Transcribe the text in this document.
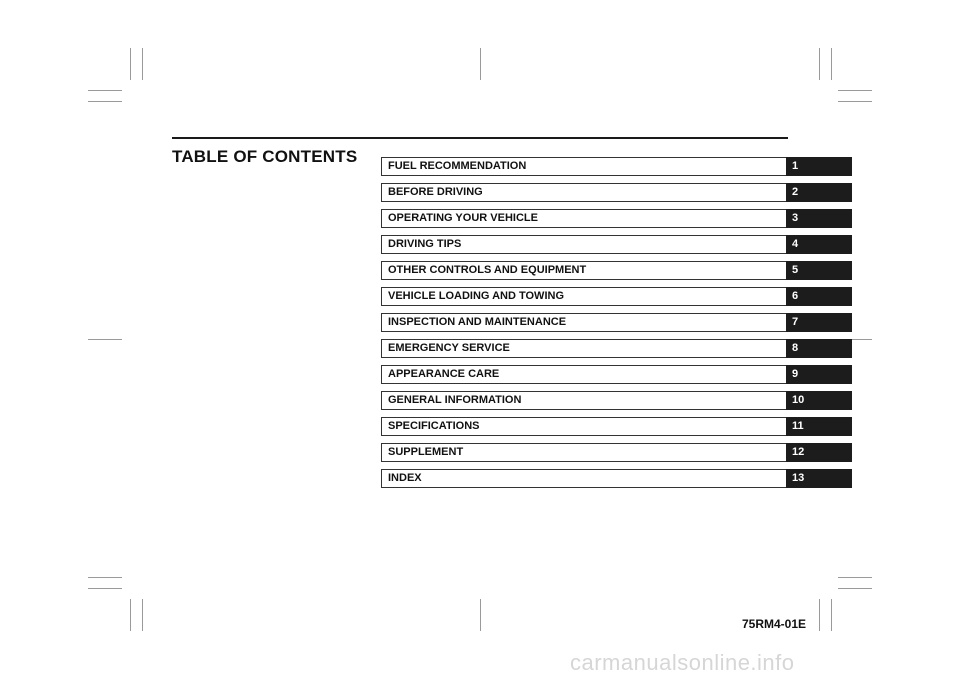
TABLE OF CONTENTS	FUEL RECOMMENDATION	1
BEFORE DRIVING	2
OPERATING YOUR VEHICLE	3
DRIVING TIPS	4
OTHER CONTROLS AND EQUIPMENT	5
VEHICLE LOADING AND TOWING	6
INSPECTION AND MAINTENANCE	7
EMERGENCY SERVICE	8
APPEARANCE CARE	9
GENERAL INFORMATION	10
SPECIFICATIONS	11
SUPPLEMENT	12
INDEX	13
75RM4-01E
carmanualsonline.info
